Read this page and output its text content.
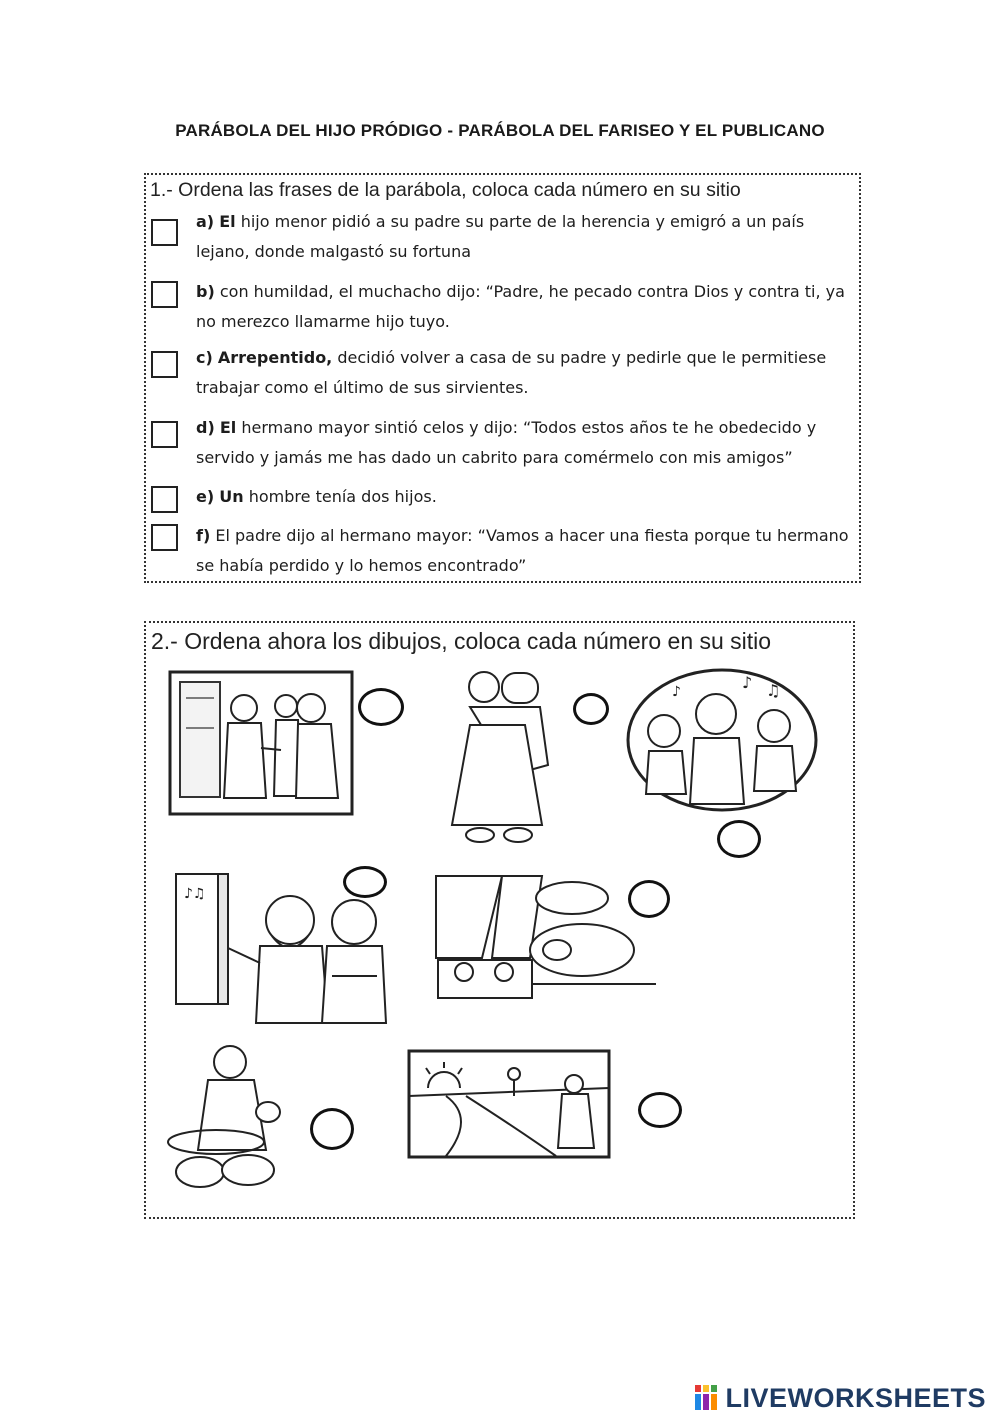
PARÁBOLA DEL HIJO PRÓDIGO - PARÁBOLA DEL FARISEO Y EL PUBLICANO
1.- Ordena las frases de la parábola, coloca cada número en su sitio
a) El hijo menor pidió a su padre su parte de la herencia y emigró a un país lejano, donde malgastó su fortuna
b) con humildad, el muchacho dijo: “Padre, he pecado contra Dios y contra ti, ya no merezco llamarme hijo tuyo.
c) Arrepentido, decidió volver a casa de su padre y pedirle que le permitiese trabajar como el último de sus sirvientes.
d) El hermano mayor sintió celos y dijo: “Todos estos años te he obedecido y servido y jamás me has dado un cabrito para comérmelo con mis amigos”
e) Un hombre tenía dos hijos.
f) El padre dijo al hermano mayor: “Vamos a hacer una fiesta porque tu hermano se había perdido y lo hemos encontrado”
2.- Ordena ahora los dibujos, coloca cada número en su sitio
♪ ♫
♪
♪♫
LIVEWORKSHEETS
